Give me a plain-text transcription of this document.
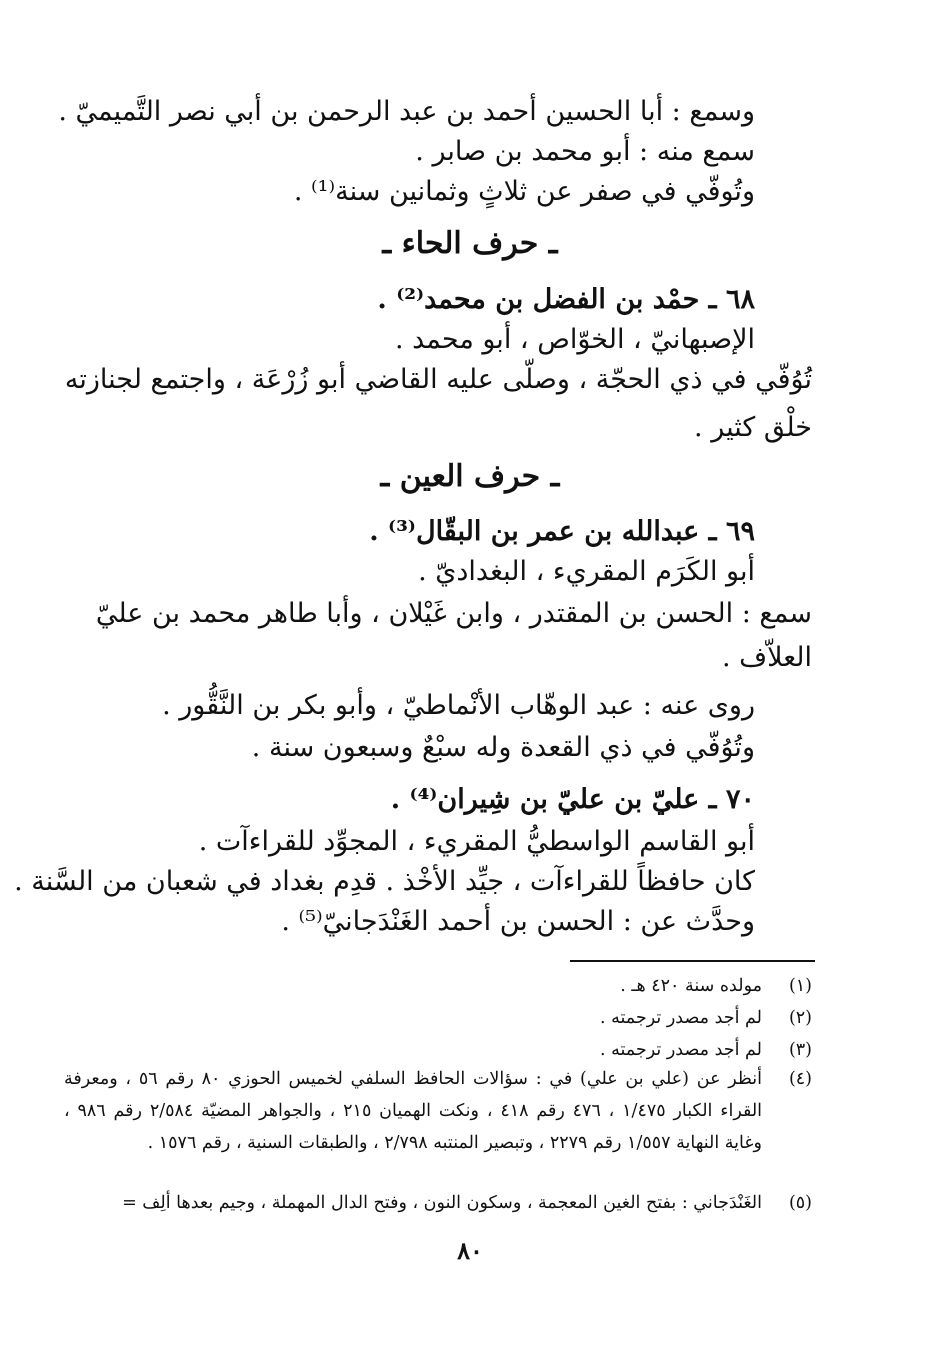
وسمع : أبا الحسين أحمد بن عبد الرحمن بن أبي نصر التَّميميّ .
سمع منه : أبو محمد بن صابر .
وتُوفّي في صفر عن ثلاثٍ وثمانين سنة⁽¹⁾ .
ـ حرف الحاء ـ
٦٨ ـ حمْد بن الفضل بن محمد⁽²⁾ .
الإصبهانيّ ، الخوّاص ، أبو محمد .
تُوُفّي في ذي الحجّة ، وصلّى عليه القاضي أبو زُرْعَة ، واجتمع لجنازته
خلْق كثير .
ـ حرف العين ـ
٦٩ ـ عبدالله بن عمر بن البقّال⁽³⁾ .
أبو الكَرَم المقريء ، البغداديّ .
سمع : الحسن بن المقتدر ، وابن غَيْلان ، وأبا طاهر محمد بن عليّ
العلاّف .
روى عنه : عبد الوهّاب الأنْماطيّ ، وأبو بكر بن النَّقُّور .
وتُوُفّي في ذي القعدة وله سبْعٌ وسبعون سنة .
٧٠ ـ عليّ بن عليّ بن شِيران⁽⁴⁾ .
أبو القاسم الواسطيُّ المقريء ، المجوِّد للقراءآت .
كان حافظاً للقراءآت ، جيِّد الأخْذ . قدِم بغداد في شعبان من السَّنة .
وحدَّث عن : الحسن بن أحمد الغَنْدَجانيّ⁽⁵⁾ .
(١)
مولده سنة ٤٢٠ هـ .
(٢)
لم أجد مصدر ترجمته .
(٣)
لم أجد مصدر ترجمته .
(٤)
أنظر عن (علي بن علي) في : سؤالات الحافظ السلفي لخميس الحوزي ٨٠ رقم ٥٦ ، ومعرفة القراء الكبار ١/٤٧٥ ، ٤٧٦ رقم ٤١٨ ، ونكت الهميان ٢١٥ ، والجواهر المضيّة ٢/٥٨٤ رقم ٩٨٦ ، وغاية النهاية ١/٥٥٧ رقم ٢٢٧٩ ، وتبصير المنتبه ٢/٧٩٨ ، والطبقات السنية ، رقم ١٥٧٦ .
(٥)
الغَنْدَجاني : بفتح الغين المعجمة ، وسكون النون ، وفتح الدال المهملة ، وجيم بعدها ألِف =
٨٠
